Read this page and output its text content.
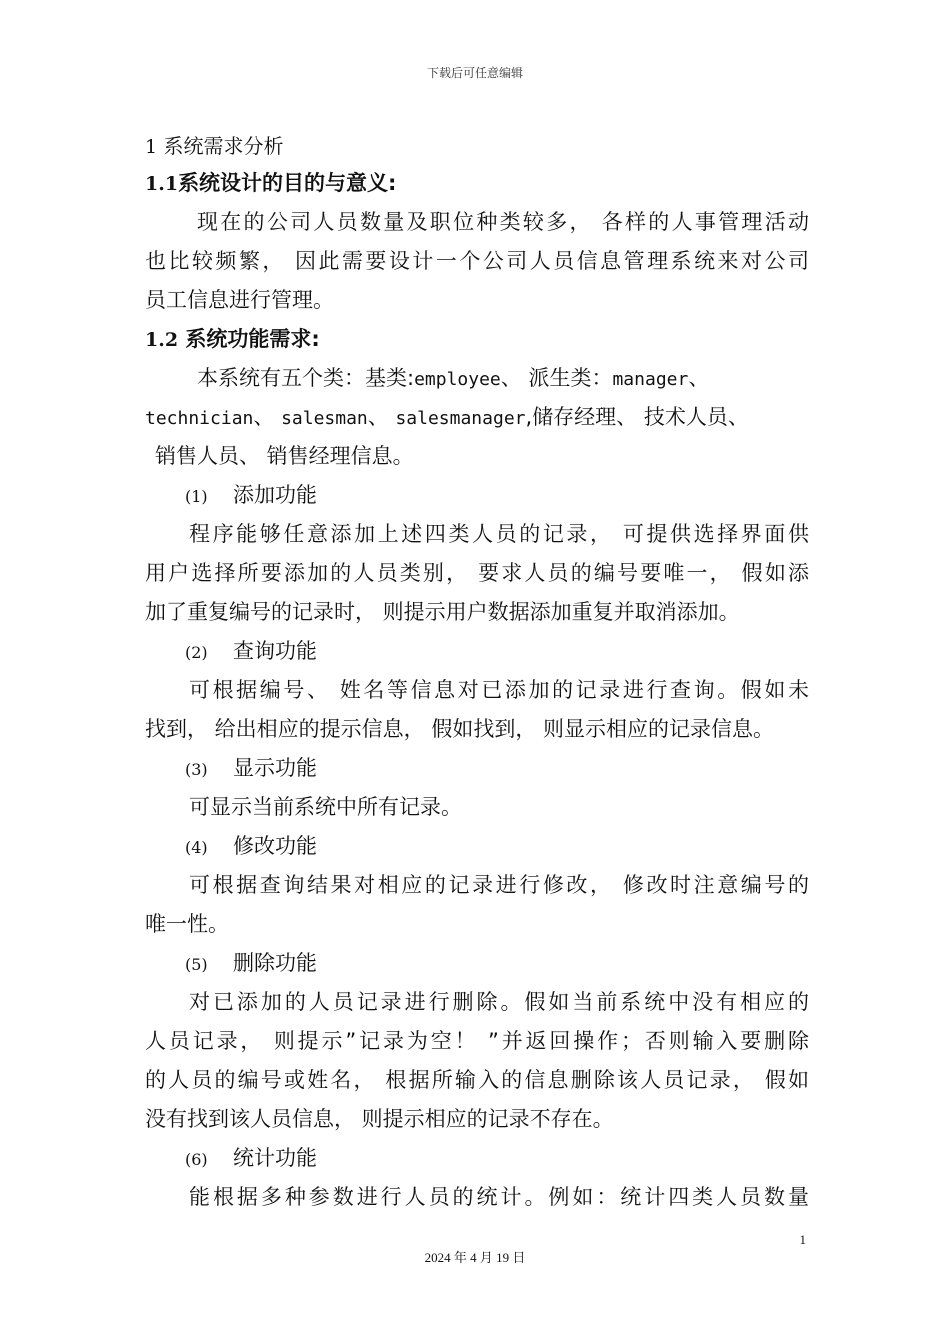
下载后可任意编辑
1 系统需求分析
1.1系统设计的目的与意义:
现在的公司人员数量及职位种类较多， 各样的人事管理活动
也比较频繁， 因此需要设计一个公司人员信息管理系统来对公司
员工信息进行管理。
1.2 系统功能需求:
本系统有五个类：基类:employee、 派生类：manager、
technician、 salesman、 salesmanager,储存经理、 技术人员、
销售人员、 销售经理信息。
(1) 添加功能
程序能够任意添加上述四类人员的记录， 可提供选择界面供
用户选择所要添加的人员类别， 要求人员的编号要唯一， 假如添
加了重复编号的记录时， 则提示用户数据添加重复并取消添加。
(2) 查询功能
可根据编号、 姓名等信息对已添加的记录进行查询。假如未
找到， 给出相应的提示信息， 假如找到， 则显示相应的记录信息。
(3) 显示功能
可显示当前系统中所有记录。
(4) 修改功能
可根据查询结果对相应的记录进行修改， 修改时注意编号的
唯一性。
(5) 删除功能
对已添加的人员记录进行删除。假如当前系统中没有相应的
人员记录， 则提示”记录为空！ ”并返回操作；否则输入要删除
的人员的编号或姓名， 根据所输入的信息删除该人员记录， 假如
没有找到该人员信息， 则提示相应的记录不存在。
(6) 统计功能
能根据多种参数进行人员的统计。例如：统计四类人员数量
1
2024 年 4 月 19 日
